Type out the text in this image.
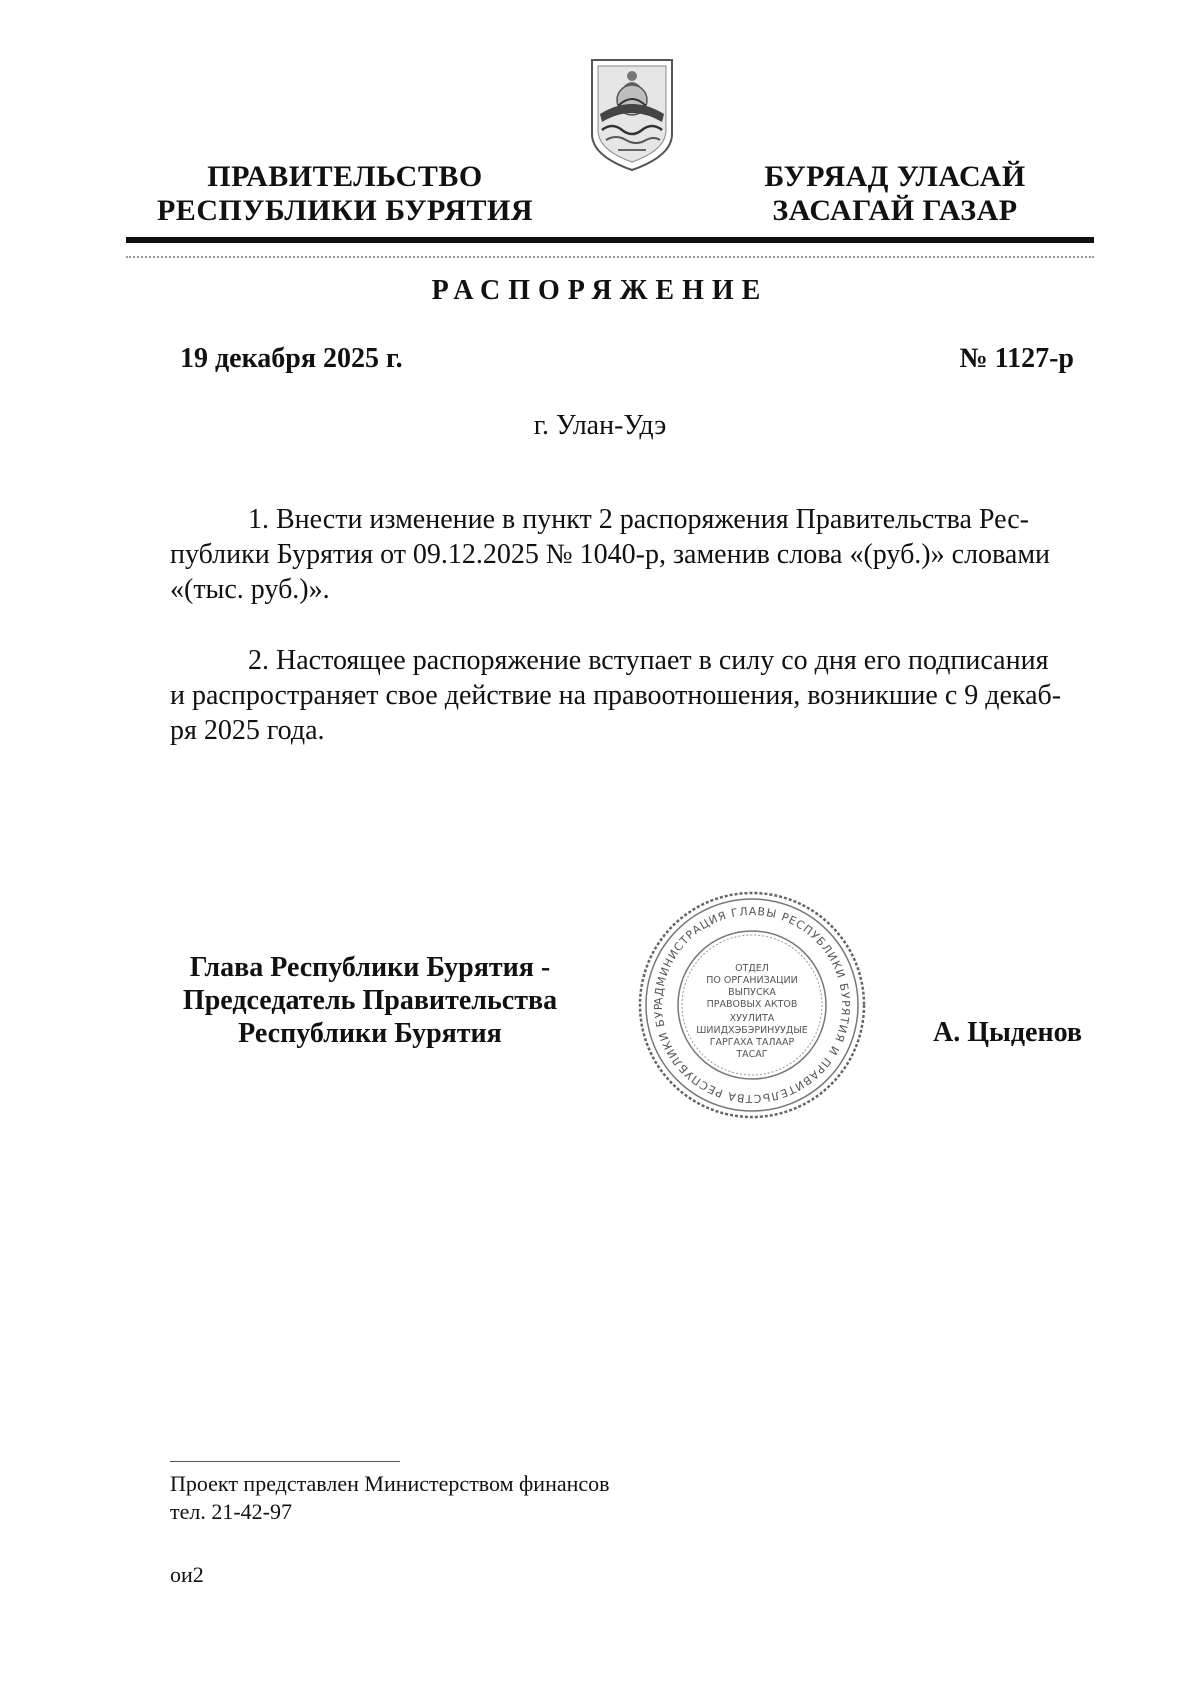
ПРАВИТЕЛЬСТВО
РЕСПУБЛИКИ БУРЯТИЯ
БУРЯАД УЛАСАЙ
ЗАСАГАЙ ГАЗАР
РАСПОРЯЖЕНИЕ
19 декабря 2025 г.	№ 1127-р
г. Улан-Удэ

1. Внести изменение в пункт 2 распоряжения Правительства Рес-
публики Бурятия от 09.12.2025 № 1040-р, заменив слова «(руб.)» словами
«(тыс. руб.)».

2. Настоящее распоряжение вступает в силу со дня его подписания
и распространяет свое действие на правоотношения, возникшие с 9 декаб-
ря 2025 года.

Глава Республики Бурятия -
Председатель Правительства
Республики Бурятия
АДМИНИСТРАЦИЯ ГЛАВЫ РЕСПУБЛИКИ БУРЯТИЯ И ПРАВИТЕЛЬСТВА РЕСПУБЛИКИ БУР
ОТДЕЛ
ПО ОРГАНИЗАЦИИ
ВЫПУСКА
ПРАВОВЫХ АКТОВ
ХУУЛИТА
ШИИДХЭБЭРИНУУДЫЕ
ГАРГАХА ТАЛААР
ТАСАГ
А. Цыденов
Проект представлен Министерством финансов
тел. 21-42-97
ои2
